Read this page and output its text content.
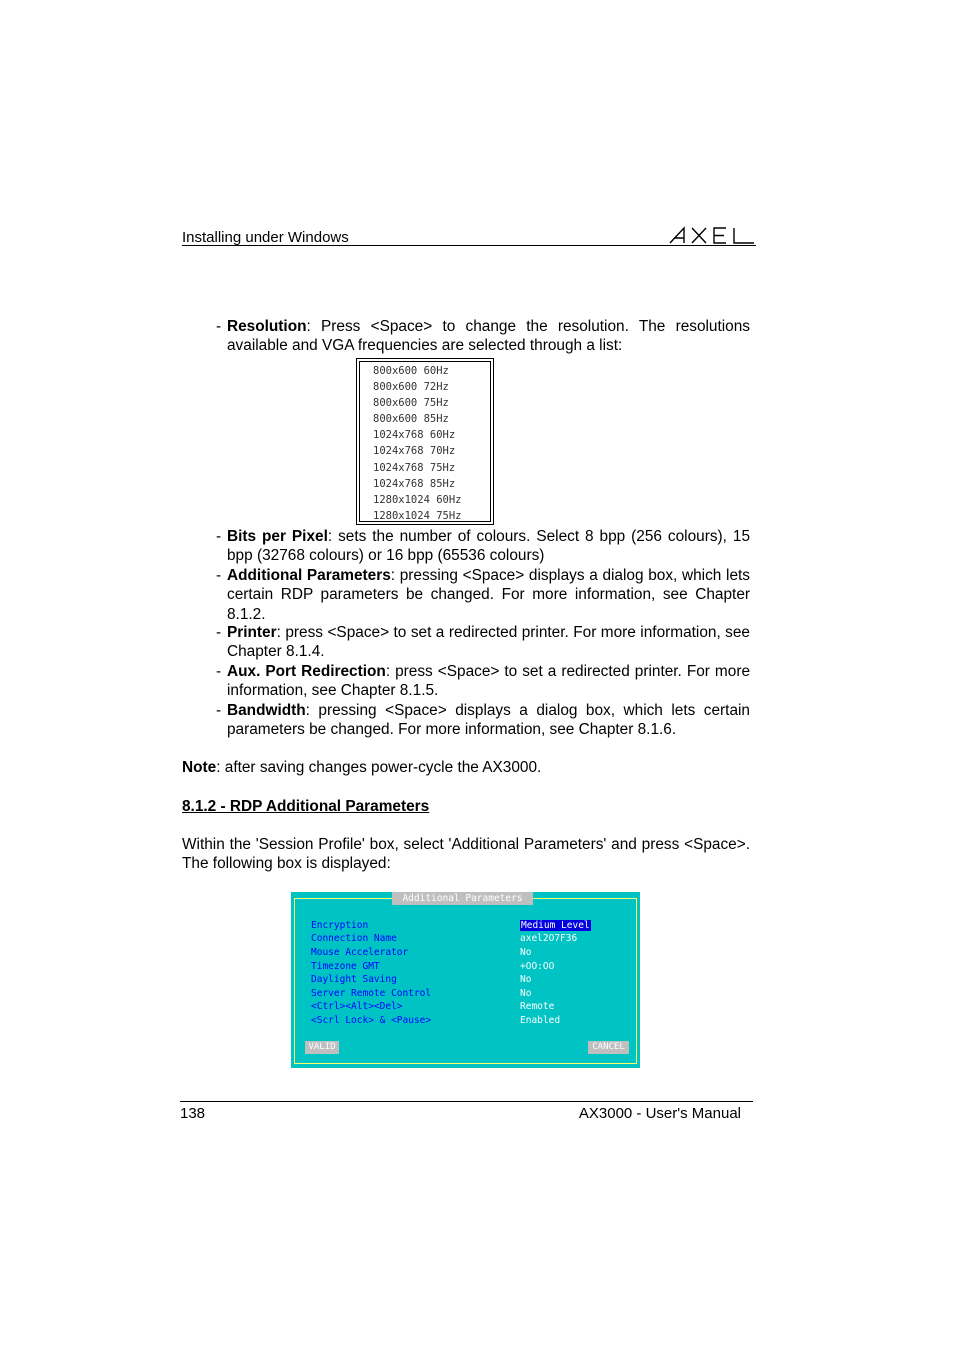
Installing under Windows
- Resolution: Press <Space> to change the resolution. The resolutions available and VGA frequencies are selected through a list:
800x600 60Hz
800x600 72Hz
800x600 75Hz
800x600 85Hz
1024x768 60Hz
1024x768 70Hz
1024x768 75Hz
1024x768 85Hz
1280x1024 60Hz
1280x1024 75Hz
- Bits per Pixel: sets the number of colours. Select 8 bpp (256 colours), 15 bpp (32768 colours) or 16 bpp (65536 colours)
- Additional Parameters: pressing <Space> displays a dialog box, which lets certain RDP parameters be changed. For more information, see Chapter 8.1.2.
- Printer: press <Space> to set a redirected printer. For more information, see Chapter 8.1.4.
- Aux. Port Redirection: press <Space> to set a redirected printer. For more information, see Chapter 8.1.5.
- Bandwidth: pressing <Space> displays a dialog box, which lets certain parameters be changed. For more information, see Chapter 8.1.6.
Note: after saving changes power-cycle the AX3000.
8.1.2 - RDP Additional Parameters
Within the 'Session Profile' box, select 'Additional Parameters' and press <Space>. The following box is displayed:
Additional Parameters
Encryption	Medium Level
Connection Name	axel2O7F36
Mouse Accelerator	No
Timezone GMT	+OO:OO
Daylight Saving	No
Server Remote Control	No
<Ctrl><Alt><Del>	Remote
<Scrl Lock> & <Pause>	Enabled
VALID	CANCEL
138	AX3000 - User's Manual
